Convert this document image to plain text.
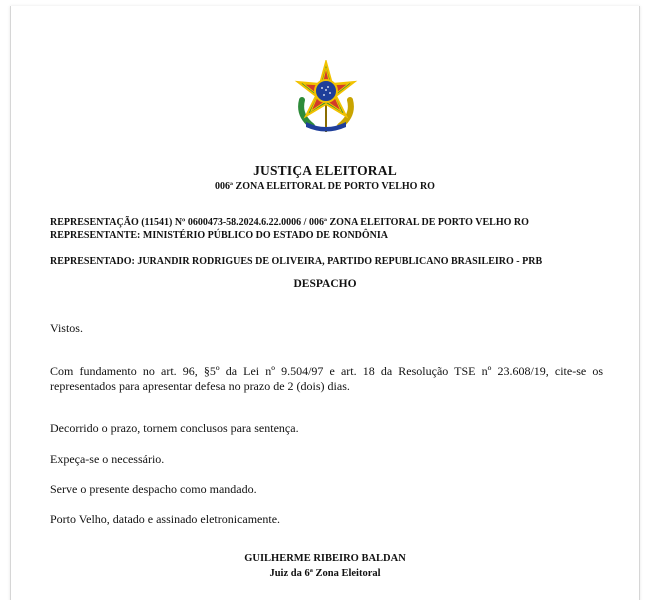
JUSTIÇA ELEITORAL
006ª ZONA ELEITORAL DE PORTO VELHO RO
REPRESENTAÇÃO (11541) Nº 0600473-58.2024.6.22.0006 / 006ª ZONA ELEITORAL DE PORTO VELHO RO
REPRESENTANTE: MINISTÉRIO PÚBLICO DO ESTADO DE RONDÔNIA
REPRESENTADO: JURANDIR RODRIGUES DE OLIVEIRA, PARTIDO REPUBLICANO BRASILEIRO - PRB
DESPACHO
Vistos.
Com fundamento no art. 96, §5º da Lei nº 9.504/97 e art. 18 da Resolução TSE nº 23.608/19, cite-se os
representados para apresentar defesa no prazo de 2 (dois) dias.
Decorrido o prazo, tornem conclusos para sentença.
Expeça-se o necessário.
Serve o presente despacho como mandado.
Porto Velho, datado e assinado eletronicamente.
GUILHERME RIBEIRO BALDAN
Juiz da 6ª Zona Eleitoral
